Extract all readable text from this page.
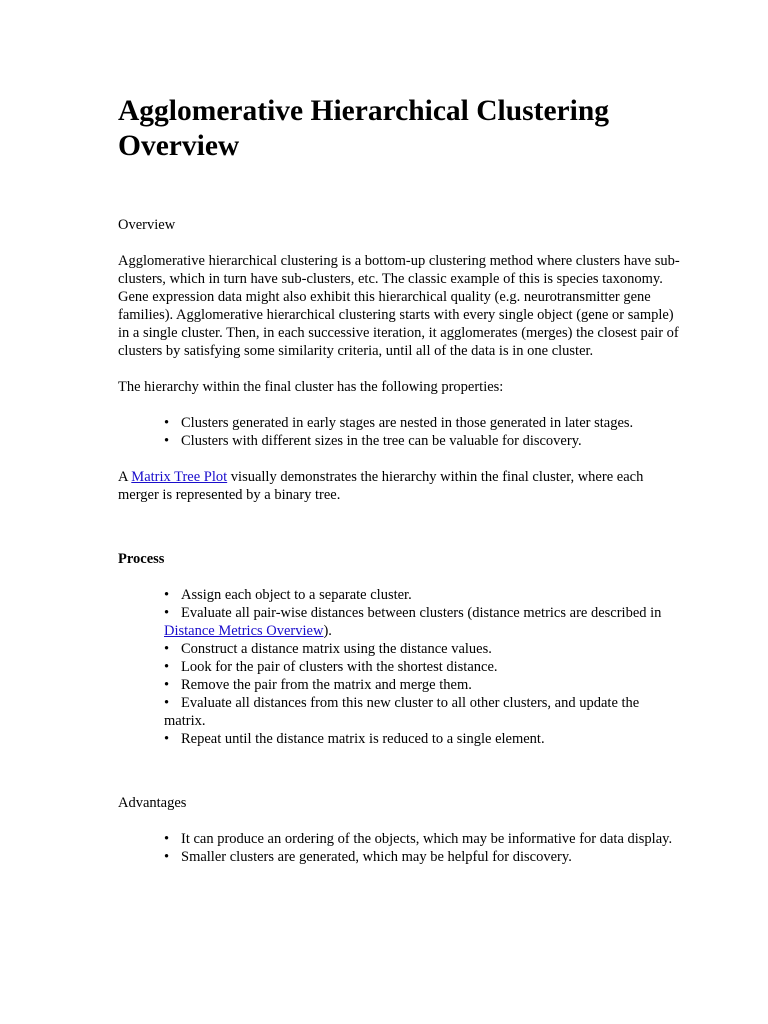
Agglomerative Hierarchical Clustering Overview

Overview

Agglomerative hierarchical clustering is a bottom-up clustering method where clusters have sub-clusters, which in turn have sub-clusters, etc. The classic example of this is species taxonomy. Gene expression data might also exhibit this hierarchical quality (e.g. neurotransmitter gene families). Agglomerative hierarchical clustering starts with every single object (gene or sample) in a single cluster. Then, in each successive iteration, it agglomerates (merges) the closest pair of clusters by satisfying some similarity criteria, until all of the data is in one cluster.

The hierarchy within the final cluster has the following properties:

• Clusters generated in early stages are nested in those generated in later stages.
• Clusters with different sizes in the tree can be valuable for discovery.

A Matrix Tree Plot visually demonstrates the hierarchy within the final cluster, where each merger is represented by a binary tree.

Process

• Assign each object to a separate cluster.
• Evaluate all pair-wise distances between clusters (distance metrics are described in Distance Metrics Overview).
• Construct a distance matrix using the distance values.
• Look for the pair of clusters with the shortest distance.
• Remove the pair from the matrix and merge them.
• Evaluate all distances from this new cluster to all other clusters, and update the matrix.
• Repeat until the distance matrix is reduced to a single element.

Advantages

• It can produce an ordering of the objects, which may be informative for data display.
• Smaller clusters are generated, which may be helpful for discovery.
